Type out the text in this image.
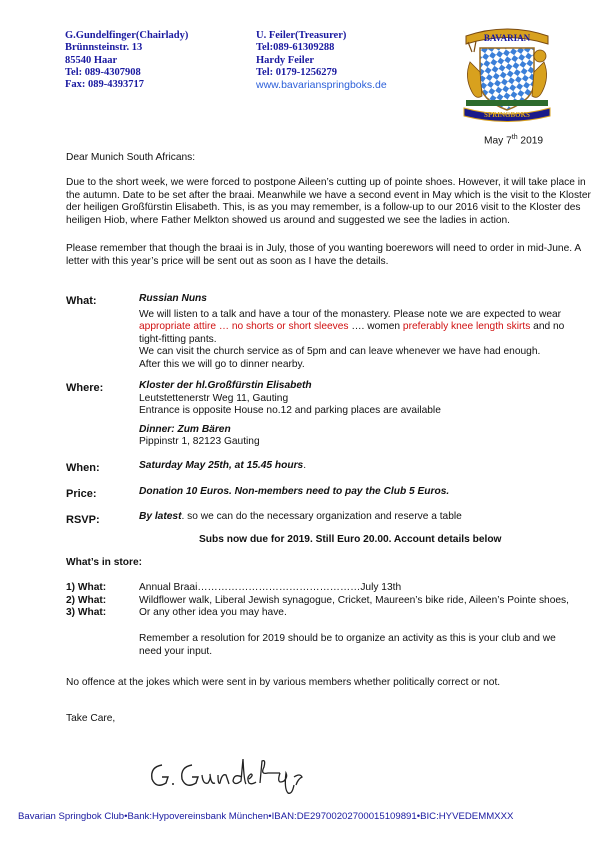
G.Gundelfinger(Chairlady)
Brünnsteinstr. 13
85540 Haar
Tel: 089-4307908
Fax: 089-4393717
U. Feiler(Treasurer)
Tel:089-61309288
Hardy Feiler
Tel: 0179-1256279
www.bavarianspringboks.de
BAVARIAN
SPRINGBOKS
May 7th 2019
Dear Munich South Africans:
Due to the short week, we were forced to postpone Aileen’s cutting up of pointe shoes. However, it will take place in the autumn. Date to be set after the braai. Meanwhile we have a second event in May which is the visit to the Kloster der heiligen Großfürstin Elisabeth. This, is as you may remember, is a follow-up to our 2016 visit to the Kloster des heiligen Hiob, where Father Melkton showed us around and suggested we see the ladies in action.
Please remember that though the braai is in July, those of you wanting boerewors will need to order in mid-June. A letter with this year’s price will be sent out as soon as I have the details.
What:	Russian Nuns
We will listen to a talk and have a tour of the monastery. Please note we are expected to wear appropriate attire … no shorts or short sleeves …. women preferably knee length skirts and no tight-fitting pants.
We can visit the church service as of 5pm and can leave whenever we have had enough.
After this we will go to dinner nearby.
Where:	Kloster der hl.Großfürstin Elisabeth
Leutstettenerstr Weg 11, Gauting
Entrance is opposite House no.12 and parking places are available
Dinner: Zum Bären
Pippinstr 1, 82123 Gauting
When:	Saturday May 25th, at 15.45 hours.
Price:	Donation 10 Euros. Non-members need to pay the Club 5 Euros.
RSVP:	By latest. so we can do the necessary organization and reserve a table
Subs now due for 2019. Still Euro 20.00. Account details below
What’s in store:
1) What:	Annual Braai…………………………………………July 13th
2) What:	Wildflower walk, Liberal Jewish synagogue, Cricket, Maureen’s bike ride, Aileen’s Pointe shoes,
3) What:	Or any other idea you may have.
Remember a resolution for 2019 should be to organize an activity as this is your club and we need your input.
No offence at the jokes which were sent in by various members whether politically correct or not.
Take Care,
Bavarian Springbok Club•Bank:Hypovereinsbank München•IBAN:DE29700202700015109891•BIC:HYVEDEMMXXX
